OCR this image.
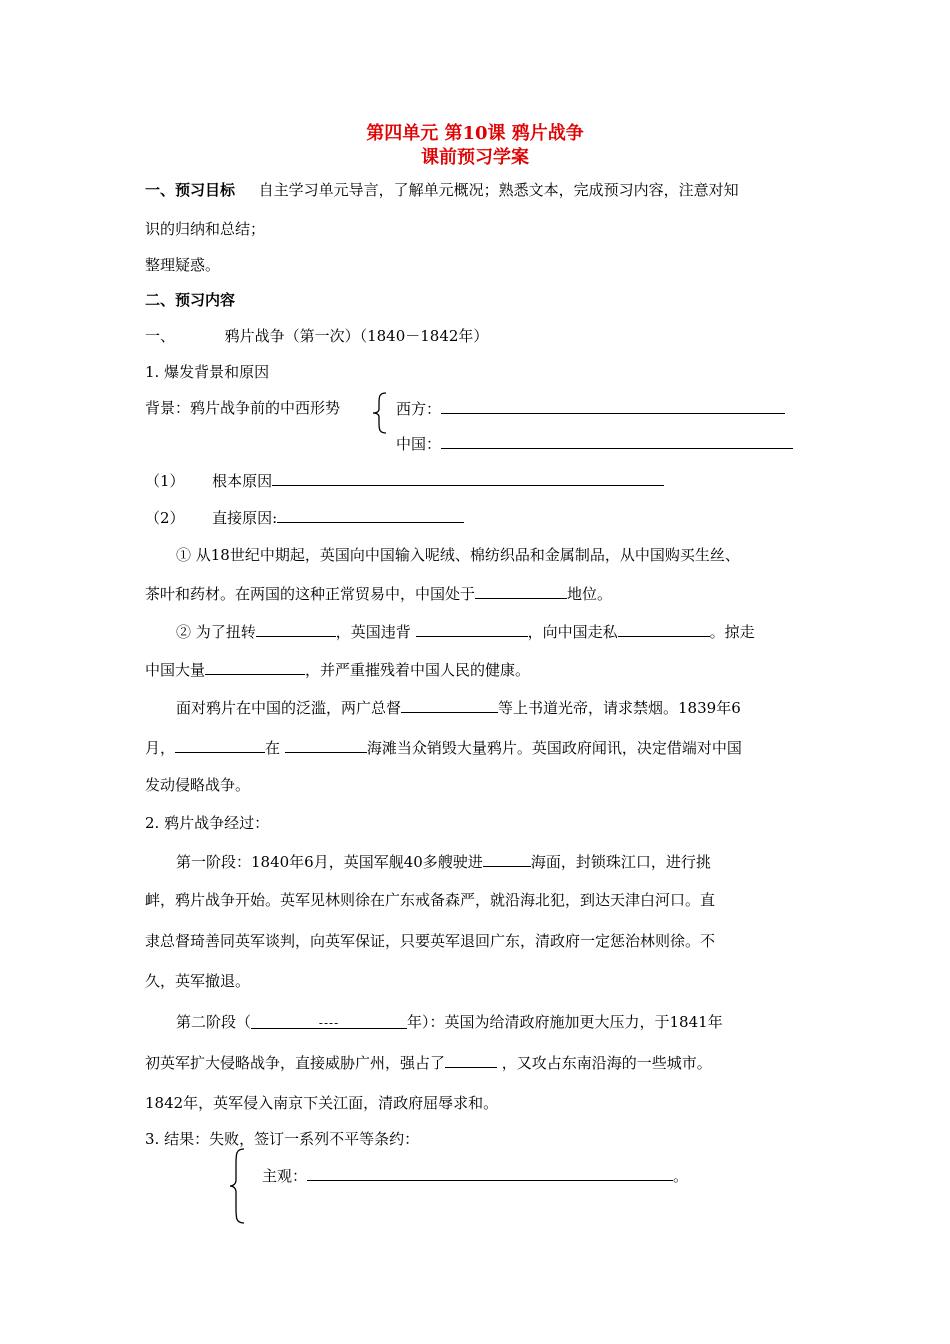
第四单元 第10课 鸦片战争
课前预习学案
一、预习目标 自主学习单元导言，了解单元概况；熟悉文本，完成预习内容，注意对知
识的归纳和总结；
整理疑惑。
二、预习内容
一、	鸦片战争（第一次）（1840－1842年）
1. 爆发背景和原因
背景：鸦片战争前的中西形势	西方：
中国：
（1） 根本原因
（2） 直接原因:
① 从18世纪中期起，英国向中国输入呢绒、棉纺织品和金属制品，从中国购买生丝、
茶叶和药材。在两国的这种正常贸易中，中国处于	地位。
② 为了扭转	，英国违背	，向中国走私	。掠走
中国大量	，并严重摧残着中国人民的健康。
面对鸦片在中国的泛滥，两广总督	等上书道光帝，请求禁烟。1839年6
月，	在	海滩当众销毁大量鸦片。英国政府闻讯，决定借端对中国
发动侵略战争。
2. 鸦片战争经过：
第一阶段：1840年6月，英国军舰40多艘驶进	海面，封锁珠江口，进行挑
衅，鸦片战争开始。英军见林则徐在广东戒备森严，就沿海北犯，到达天津白河口。直
隶总督琦善同英军谈判，向英军保证，只要英军退回广东，清政府一定惩治林则徐。不
久，英军撤退。
第二阶段（	----	年）：英国为给清政府施加更大压力，于1841年
初英军扩大侵略战争，直接威胁广州，强占了	，又攻占东南沿海的一些城市。
1842年，英军侵入南京下关江面，清政府屈辱求和。
3. 结果：失败，签订一系列不平等条约：
主观：	。
